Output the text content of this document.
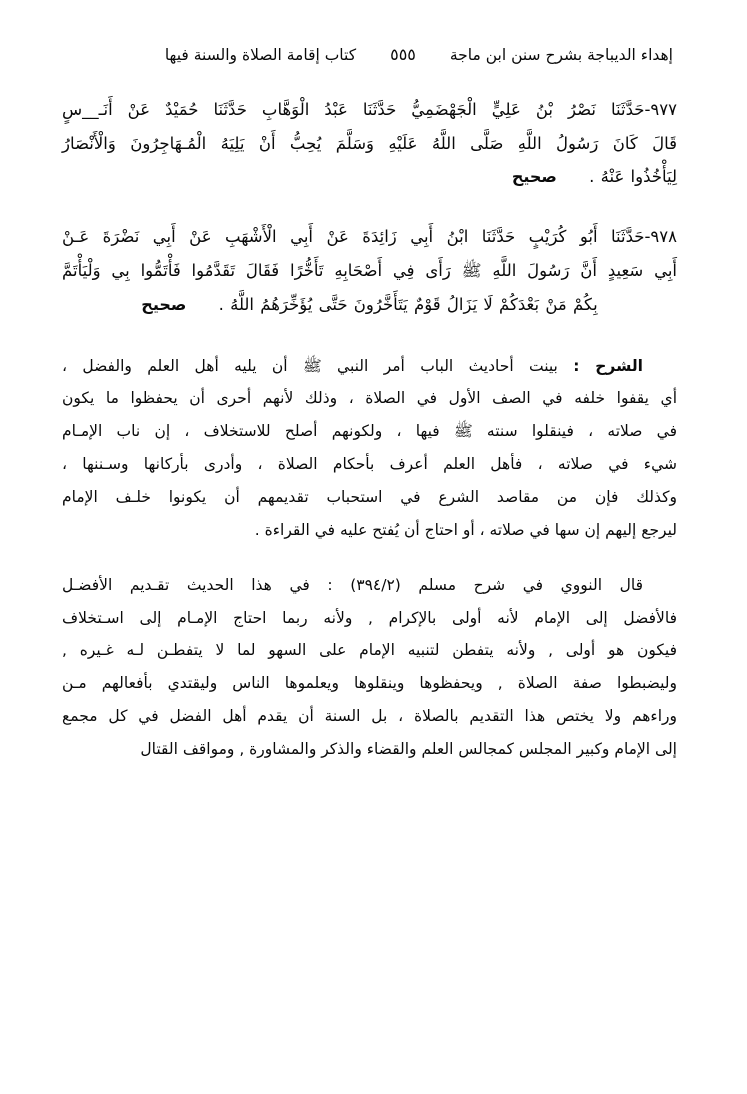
إهداء الديباجة بشرح سنن ابن ماجة
٥٥٥
كتاب إقامة الصلاة والسنة فيها
٩٧٧-حَدَّثَنَا نَصْرُ بْنُ عَلِيٍّ الْجَهْضَمِيُّ حَدَّثَنَا عَبْدُ الْوَهَّابِ حَدَّثَنَا حُمَيْدٌ عَنْ أَنَـ__سٍ
قَالَ كَانَ رَسُولُ اللَّهِ صَلَّى اللَّهُ عَلَيْهِ وَسَلَّمَ يُحِبُّ أَنْ يَلِيَهُ الْمُـهَاجِرُونَ وَالْأَنْصَارُ
لِيَأْخُذُوا عَنْهُ . صحيح
٩٧٨-حَدَّثَنَا أَبُو كُرَيْبٍ حَدَّثَنَا ابْنُ أَبِي زَائِدَةَ عَنْ أَبِي الْأَشْهَبِ عَنْ أَبِي نَضْرَةَ عَـنْ
أَبِي سَعِيدٍ أَنَّ رَسُولَ اللَّهِ ﷺ رَأَى فِي أَصْحَابِهِ تَأَخُّرًا فَقَالَ تَقَدَّمُوا فَأْتَمُّوا بِي وَلْيَأْتَمَّ
بِكُمْ مَنْ بَعْدَكُمْ لَا يَزَالُ قَوْمٌ يَتَأَخَّرُونَ حَتَّى يُؤَخِّرَهُمُ اللَّهُ . صحيح
الشرح : بينت أحاديث الباب أمر النبي ﷺ أن يليه أهل العلم والفضل ،
أي يقفوا خلفه في الصف الأول في الصلاة ، وذلك لأنهم أحرى أن يحفظوا ما يكون
في صلاته ، فينقلوا سنته ﷺ فيها ، ولكونهم أصلح للاستخلاف ، إن ناب الإمـام
شيء في صلاته ، فأهل العلم أعرف بأحكام الصلاة ، وأدرى بأركانها وسـننها ،
وكذلك فإن من مقاصد الشرع في استحباب تقديمهم أن يكونوا خلـف الإمام
ليرجع إليهم إن سها في صلاته ، أو احتاج أن يُفتح عليه في القراءة .
قال النووي في شرح مسلم (٣٩٤/٢) : في هذا الحديث تقـديم الأفضـل
فالأفضل إلى الإمام لأنه أولى بالإكرام , ولأنه ربما احتاج الإمـام إلى اسـتخلاف
فيكون هو أولى , ولأنه يتفطن لتنبيه الإمام على السهو لما لا يتفطـن لـه غـيره ,
وليضبطوا صفة الصلاة , ويحفظوها وينقلوها ويعلموها الناس وليقتدي بأفعالهم مـن
وراءهم ولا يختص هذا التقديم بالصلاة ، بل السنة أن يقدم أهل الفضل في كل مجمع
إلى الإمام وكبير المجلس كمجالس العلم والقضاء والذكر والمشاورة , ومواقف القتال
